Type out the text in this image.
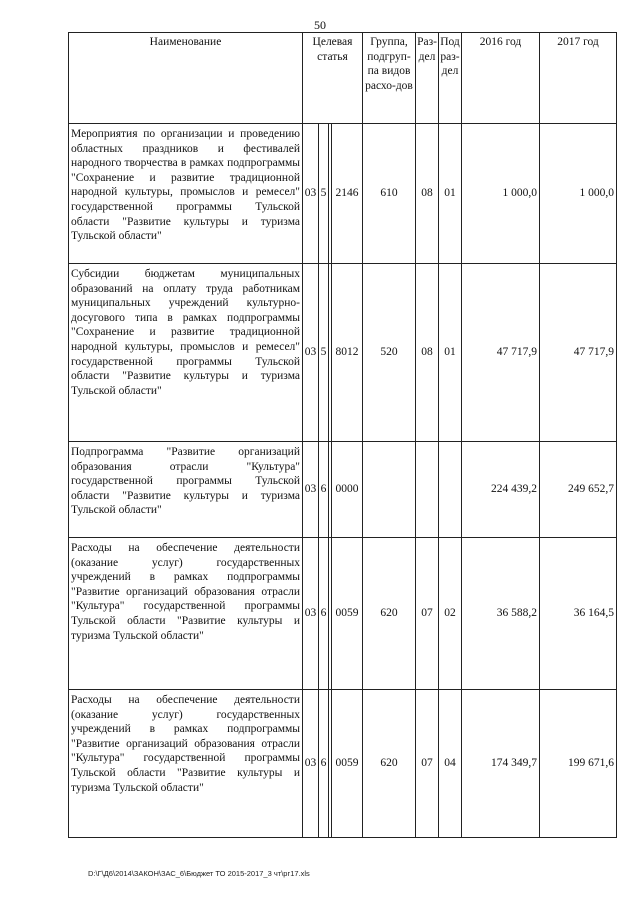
50
Наименование	Целевая статья				Группа, подгруп-па видов расхо-дов	Раз-дел	Под раз-дел	2016 год	2017 год
Мероприятия по организации и проведению областных праздников и фестивалей народного творчества в рамках подпрограммы "Сохранение и развитие традиционной народной культуры, промыслов и ремесел" государственной программы Тульской области "Развитие культуры и туризма Тульской области"	03	5		2146	610	08	01	1 000,0	1 000,0
Субсидии бюджетам муниципальных образований на оплату труда работникам муниципальных учреждений культурно-досугового типа в рамках подпрограммы "Сохранение и развитие традиционной народной культуры, промыслов и ремесел" государственной программы Тульской области "Развитие культуры и туризма Тульской области"	03	5		8012	520	08	01	47 717,9	47 717,9
Подпрограмма "Развитие организаций образования отрасли "Культура" государственной программы Тульской области "Развитие культуры и туризма Тульской области"	03	6		0000				224 439,2	249 652,7
Расходы на обеспечение деятельности (оказание услуг) государственных учреждений в рамках подпрограммы "Развитие организаций образования отрасли "Культура" государственной программы Тульской области "Развитие культуры и туризма Тульской области"	03	6		0059	620	07	02	36 588,2	36 164,5
Расходы на обеспечение деятельности (оказание услуг) государственных учреждений в рамках подпрограммы "Развитие организаций образования отрасли "Культура" государственной программы Тульской области "Развитие культуры и туризма Тульской области"	03	6		0059	620	07	04	174 349,7	199 671,6
D:\Г\Д6\2014\ЗАКОН\ЗАС_6\Бюджет ТО 2015-2017_3 чт\рг17.xls
